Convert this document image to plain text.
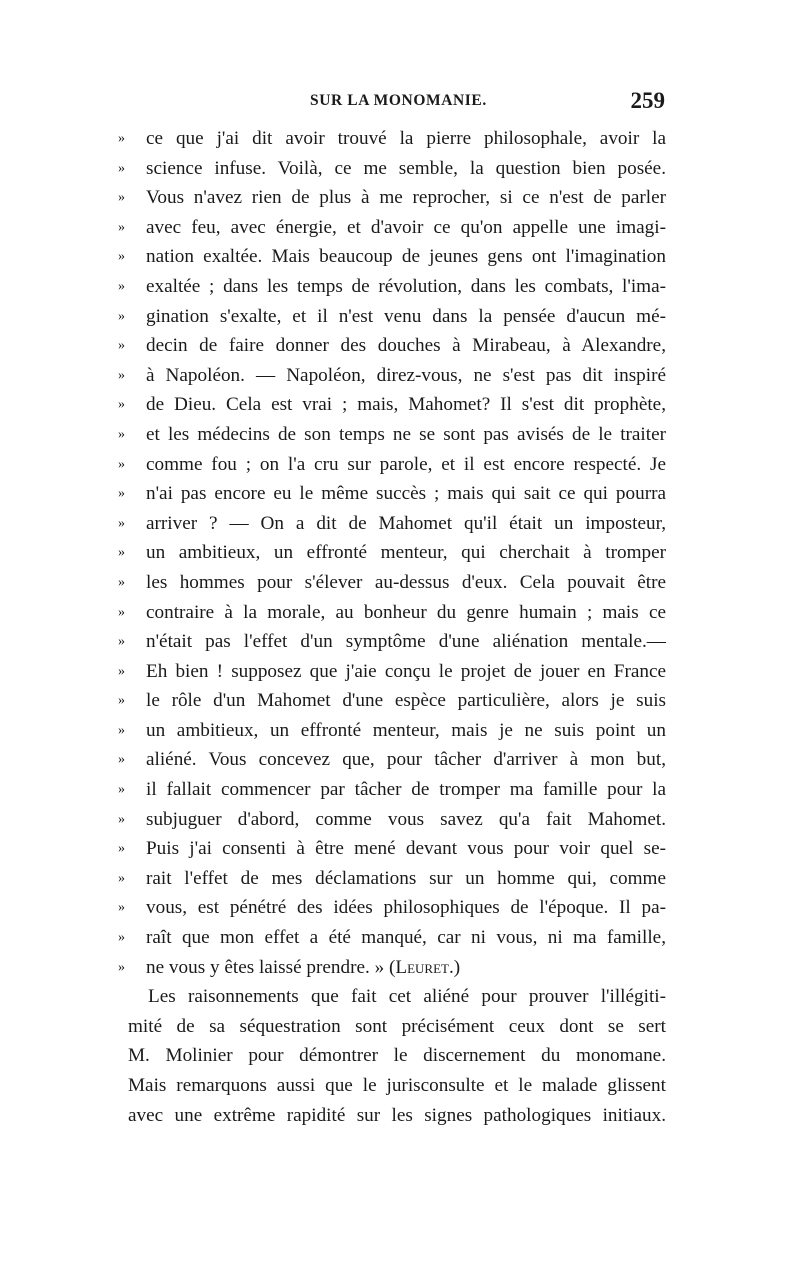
SUR LA MONOMANIE.	259
»	ce que j'ai dit avoir trouvé la pierre philosophale, avoir la
»	science infuse. Voilà, ce me semble, la question bien posée.
»	Vous n'avez rien de plus à me reprocher, si ce n'est de parler
»	avec feu, avec énergie, et d'avoir ce qu'on appelle une imagi-
»	nation exaltée. Mais beaucoup de jeunes gens ont l'imagination
»	exaltée ; dans les temps de révolution, dans les combats, l'ima-
»	gination s'exalte, et il n'est venu dans la pensée d'aucun mé-
»	decin de faire donner des douches à Mirabeau, à Alexandre,
»	à Napoléon. — Napoléon, direz-vous, ne s'est pas dit inspiré
»	de Dieu. Cela est vrai ; mais, Mahomet? Il s'est dit prophète,
»	et les médecins de son temps ne se sont pas avisés de le traiter
»	comme fou ; on l'a cru sur parole, et il est encore respecté. Je
»	n'ai pas encore eu le même succès ; mais qui sait ce qui pourra
»	arriver ? — On a dit de Mahomet qu'il était un imposteur,
»	un ambitieux, un effronté menteur, qui cherchait à tromper
»	les hommes pour s'élever au-dessus d'eux. Cela pouvait être
»	contraire à la morale, au bonheur du genre humain ; mais ce
»	n'était pas l'effet d'un symptôme d'une aliénation mentale.—
»	Eh bien ! supposez que j'aie conçu le projet de jouer en France
»	le rôle d'un Mahomet d'une espèce particulière, alors je suis
»	un ambitieux, un effronté menteur, mais je ne suis point un
»	aliéné. Vous concevez que, pour tâcher d'arriver à mon but,
»	il fallait commencer par tâcher de tromper ma famille pour la
»	subjuguer d'abord, comme vous savez qu'a fait Mahomet.
»	Puis j'ai consenti à être mené devant vous pour voir quel se-
»	rait l'effet de mes déclamations sur un homme qui, comme
»	vous, est pénétré des idées philosophiques de l'époque. Il pa-
»	raît que mon effet a été manqué, car ni vous, ni ma famille,
»	ne vous y êtes laissé prendre. » (Leuret.)
Les raisonnements que fait cet aliéné pour prouver l'illégiti-
mité de sa séquestration sont précisément ceux dont se sert
M. Molinier pour démontrer le discernement du monomane.
Mais remarquons aussi que le jurisconsulte et le malade glissent
avec une extrême rapidité sur les signes pathologiques initiaux.
